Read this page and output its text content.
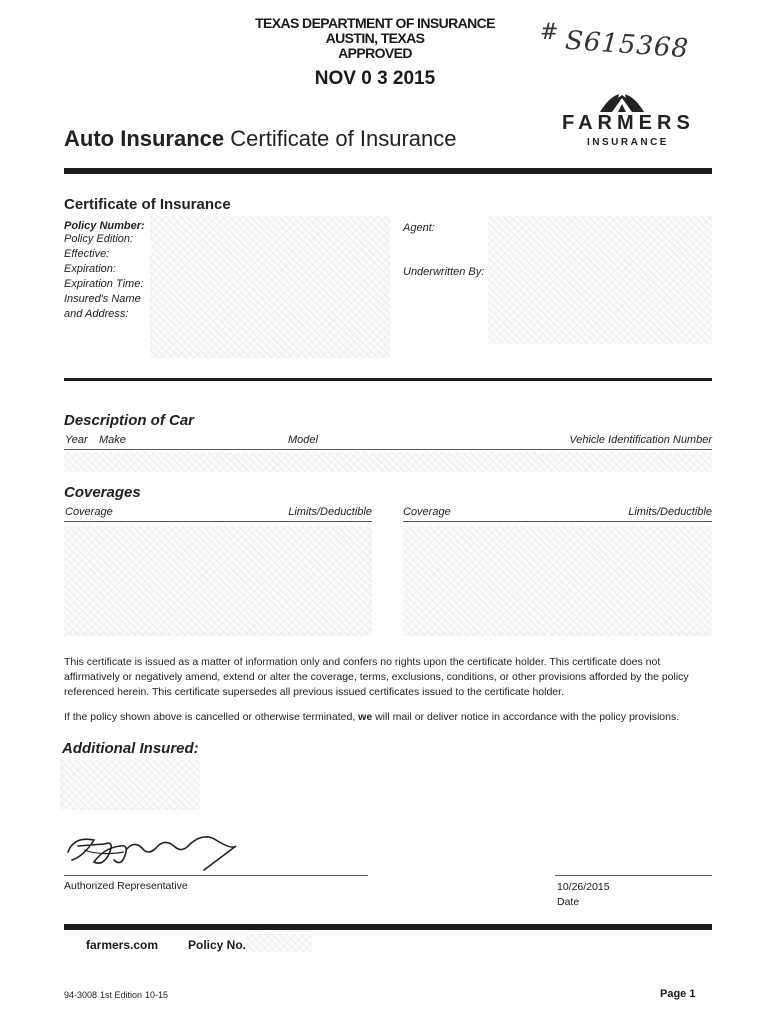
TEXAS DEPARTMENT OF INSURANCE
AUSTIN, TEXAS
APPROVED
NOV 0 3 2015
# S615368
FARMERS
INSURANCE
Auto Insurance Certificate of Insurance
Certificate of Insurance
Policy Number:
Policy Edition:
Effective:
Expiration:
Expiration Time:
Insured's Name
and Address:
Agent:
Underwritten By:
Description of Car
Year Make	Model	Vehicle Identification Number
Coverages
Coverage	Limits/Deductible	Coverage	Limits/Deductible
This certificate is issued as a matter of information only and confers no rights upon the certificate holder. This certificate does not affirmatively or negatively amend, extend or alter the coverage, terms, exclusions, conditions, or other provisions afforded by the policy referenced herein. This certificate supersedes all previous issued certificates issued to the certificate holder.
If the policy shown above is cancelled or otherwise terminated, we will mail or deliver notice in accordance with the policy provisions.
Additional Insured:
Authorized Representative	10/26/2015
Date
farmers.com Policy No.
94-3008 1st Edition 10-15	Page 1
